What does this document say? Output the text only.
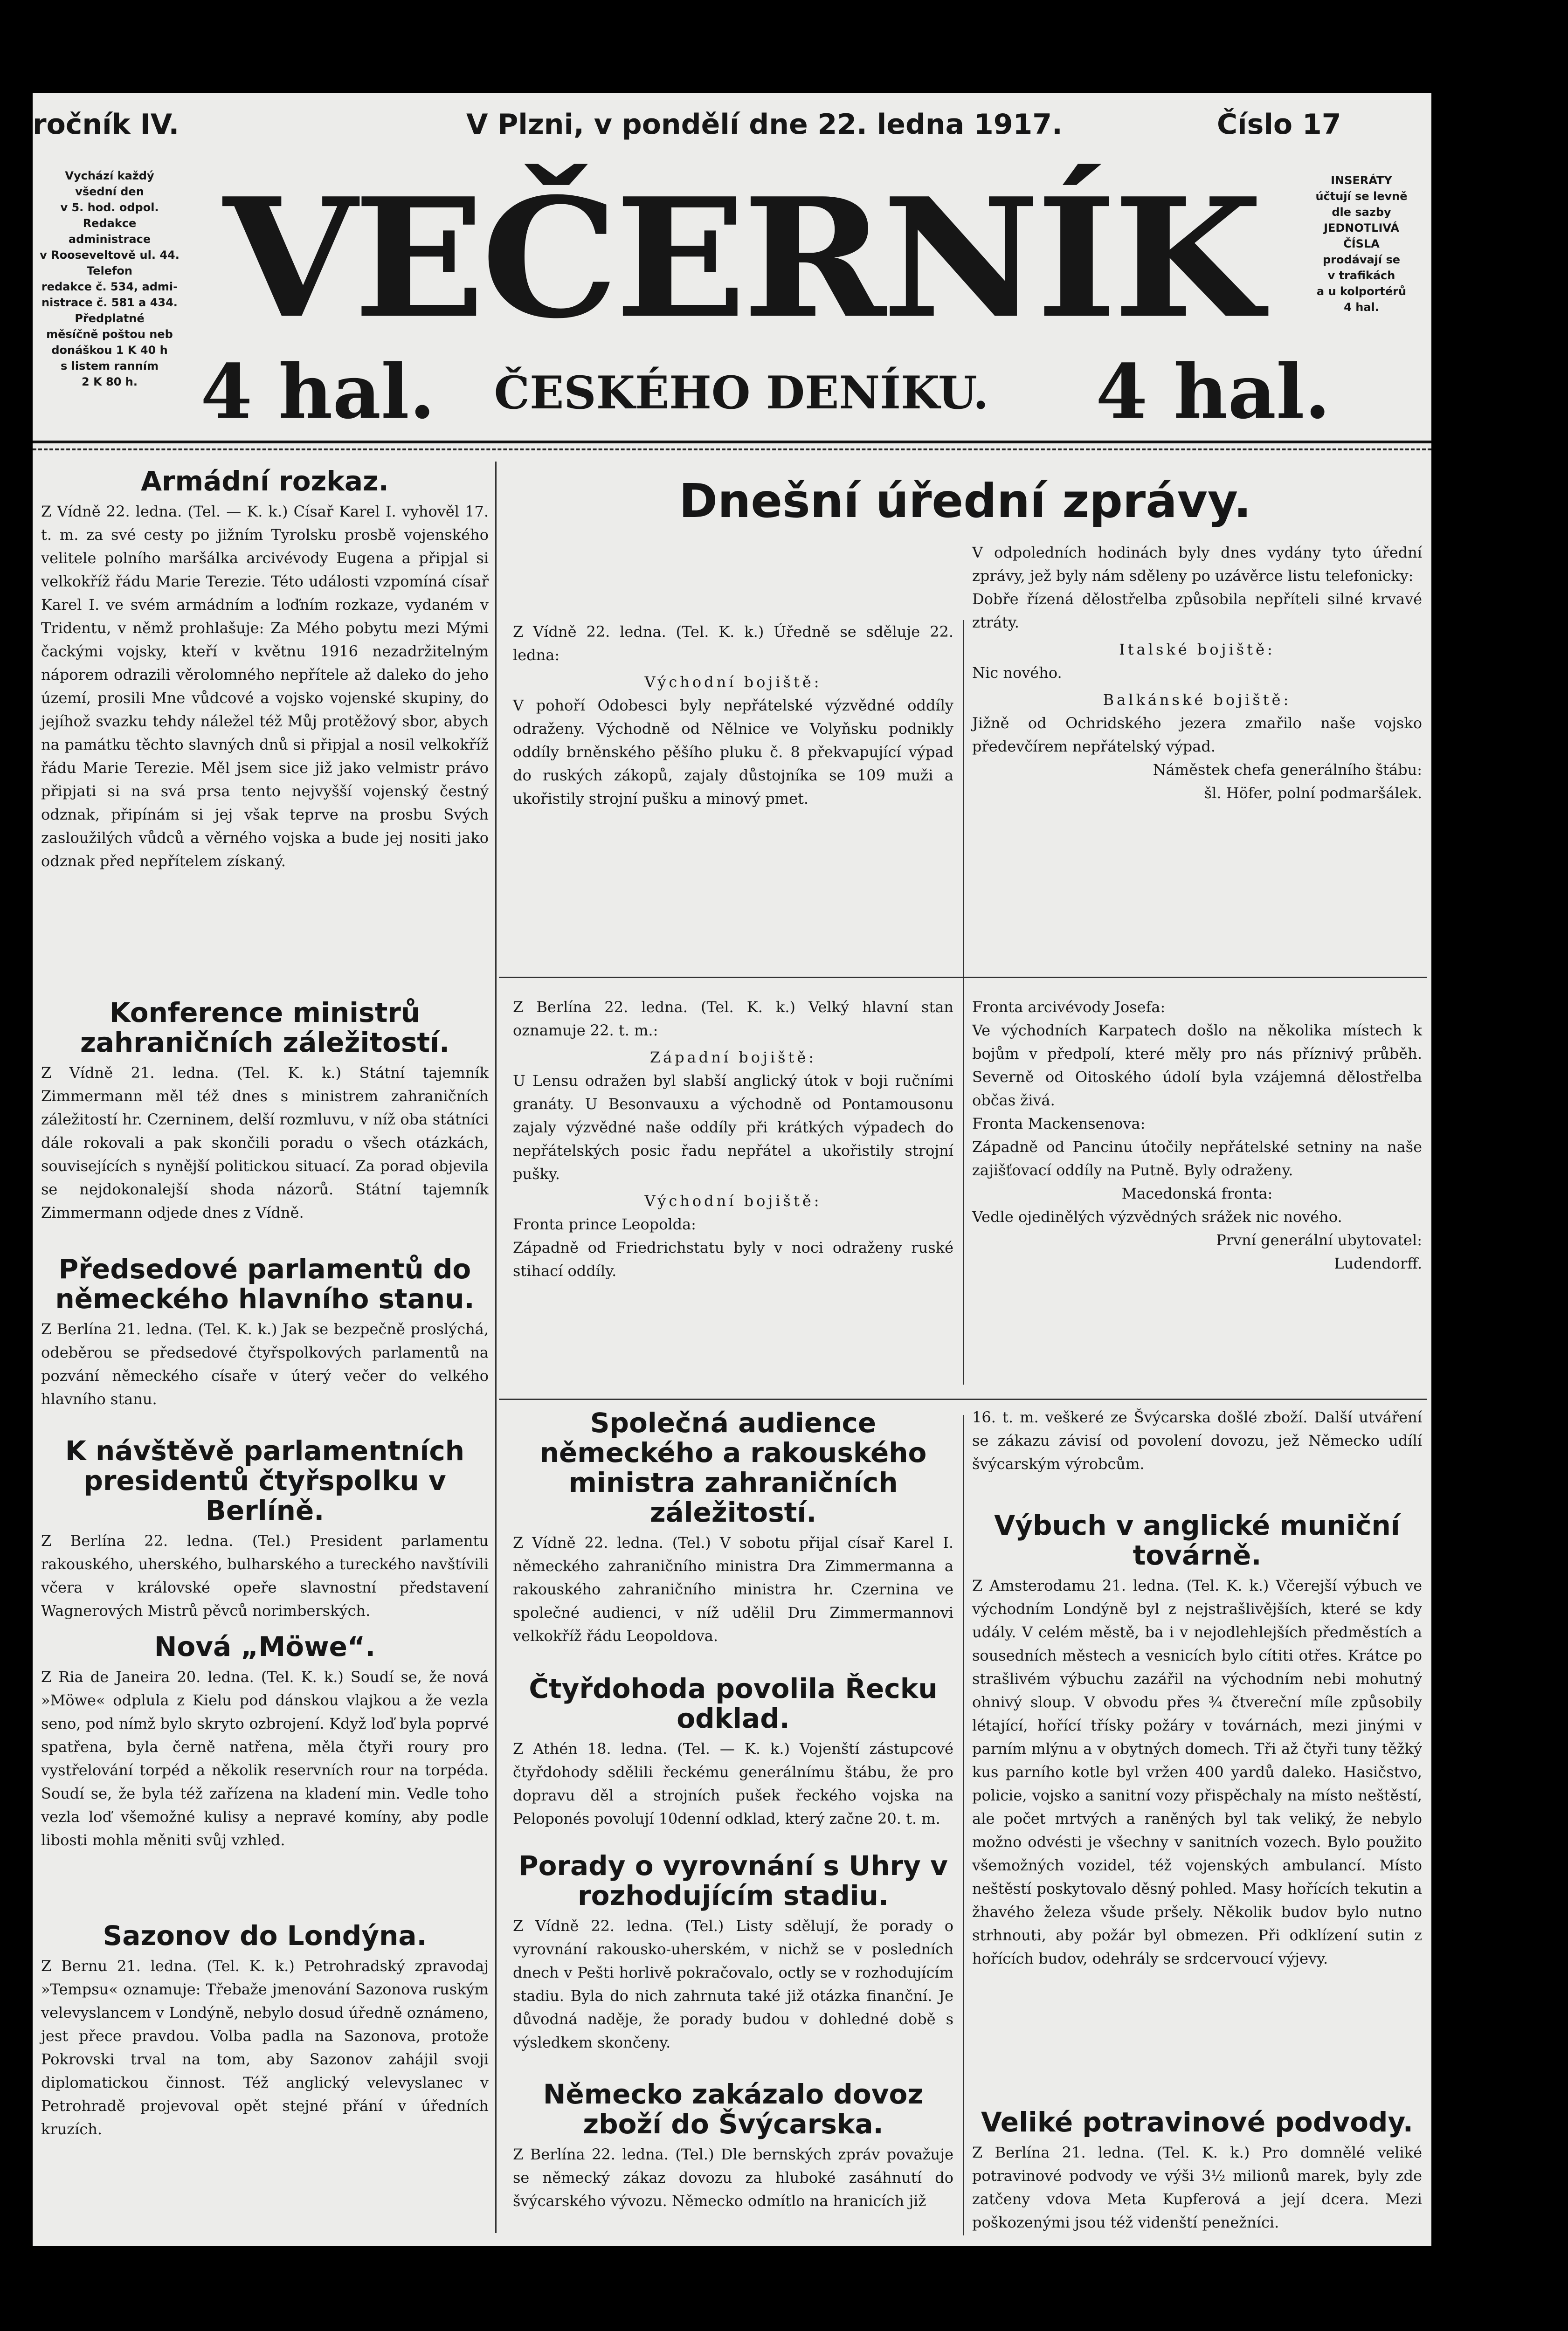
ročník IV.	V Plzni, v pondělí dne 22. ledna 1917.	Číslo 17
Vychází každý
všední den
v 5. hod. odpol.
Redakce
administrace
v Rooseveltově ul. 44.
Telefon
redakce č. 534, admi-
nistrace č. 581 a 434.
Předplatné
měsíčně poštou neb
donáškou 1 K 40 h
s listem ranním
2 K 80 h.
INSERÁTY
účtují se levně
dle sazby
JEDNOTLIVÁ
ČÍSLA
prodávají se
v trafikách
a u kolportérů
4 hal.
VEČERNÍK
4 hal.	ČESKÉHO DENÍKU. 4 hal.
Armádní rozkaz.

Z Vídně 22. ledna. (Tel. — K. k.) Císař Karel I. vyhověl 17. t. m. za své cesty po jižním Tyrolsku prosbě vojenského velitele polního maršálka arcivévody Eugena a připjal si velkokříž řádu Marie Terezie. Této události vzpomíná císař Karel I. ve svém armádním a loďním rozkaze, vydaném v Tridentu, v němž prohlašuje: Za Mého pobytu mezi Mými čackými vojsky, kteří v květnu 1916 nezadržitelným náporem odrazili věrolomného nepřítele až daleko do jeho území, prosili Mne vůdcové a vojsko vojenské skupiny, do jejíhož svazku tehdy náležel též Můj protěžový sbor, abych na památku těchto slavných dnů si připjal a nosil velkokříž řádu Marie Terezie. Měl jsem sice již jako velmistr právo připjati si na svá prsa tento nejvyšší vojenský čestný odznak, připínám si jej však teprve na prosbu Svých zasloužilých vůdců a věrného vojska a bude jej nositi jako odznak před nepřítelem získaný.

Konference ministrů zahraničních záležitostí.

Z Vídně 21. ledna. (Tel. K. k.) Státní tajemník Zimmermann měl též dnes s ministrem zahraničních záležitostí hr. Czerninem, delší rozmluvu, v níž oba státníci dále rokovali a pak skončili poradu o všech otázkách, souvisejících s nynější politickou situací. Za porad objevila se nejdokonalejší shoda názorů. Státní tajemník Zimmermann odjede dnes z Vídně.

Předsedové parlamentů do německého hlavního stanu.

Z Berlína 21. ledna. (Tel. K. k.) Jak se bezpečně proslýchá, odeběrou se předsedové čtyřspolkových parlamentů na pozvání německého císaře v úterý večer do velkého hlavního stanu.

K návštěvě parlamentních presidentů čtyřspolku v Berlíně.

Z Berlína 22. ledna. (Tel.) President parlamentu rakouského, uherského, bulharského a tureckého navštívili včera v královské opeře slavnostní představení Wagnerových Mistrů pěvců norimberských.

Nová „Möwe“.

Z Ria de Janeira 20. ledna. (Tel. K. k.) Soudí se, že nová »Möwe« odplula z Kielu pod dánskou vlajkou a že vezla seno, pod nímž bylo skryto ozbrojení. Když loď byla poprvé spatřena, byla černě natřena, měla čtyři roury pro vystřelování torpéd a několik reservních rour na torpéda. Soudí se, že byla též zařízena na kladení min. Vedle toho vezla loď všemožné kulisy a nepravé komíny, aby podle libosti mohla měniti svůj vzhled.

Sazonov do Londýna.

Z Bernu 21. ledna. (Tel. K. k.) Petrohradský zpravodaj »Tempsu« oznamuje: Třebaže jmenování Sazonova ruským velevyslancem v Londýně, nebylo dosud úředně oznámeno, jest přece pravdou. Volba padla na Sazonova, protože Pokrovski trval na tom, aby Sazonov zahájil svoji diplomatickou činnost. Též anglický velevyslanec v Petrohradě projevoval opět stejné přání v úředních kruzích.

Dnešní úřední zprávy.

Z Vídně 22. ledna. (Tel. K. k.) Úředně se sděluje 22. ledna:

Východní bojiště:

V pohoří Odobesci byly nepřátelské výzvědné oddíly odraženy. Východně od Nělnice ve Volyňsku podnikly oddíly brněnského pěšího pluku č. 8 překvapující výpad do ruských zákopů, zajaly důstojníka se 109 muži a ukořistily strojní pušku a minový pmet.

V odpoledních hodinách byly dnes vydány tyto úřední zprávy, jež byly nám sděleny po uzávěrce listu telefonicky:

Dobře řízená dělostřelba způsobila nepříteli silné krvavé ztráty.

Italské bojiště:

Nic nového.

Balkánské bojiště:

Jižně od Ochridského jezera zmařilo naše vojsko předevčírem nepřátelský výpad.

Náměstek chefa generálního štábu:

šl. Höfer, polní podmaršálek.

Z Berlína 22. ledna. (Tel. K. k.) Velký hlavní stan oznamuje 22. t. m.:

Západní bojiště:

U Lensu odražen byl slabší anglický útok v boji ručními granáty. U Besonvauxu a východně od Pontamousonu zajaly výzvědné naše oddíly při krátkých výpadech do nepřátelských posic řadu nepřátel a ukořistily strojní pušky.

Východní bojiště:

Fronta prince Leopolda:

Západně od Friedrichstatu byly v noci odraženy ruské stihací oddíly.

Fronta arcivévody Josefa:

Ve východních Karpatech došlo na několika místech k bojům v předpolí, které měly pro nás příznivý průběh. Severně od Oitoského údolí byla vzájemná dělostřelba občas živá.

Fronta Mackensenova:

Západně od Pancinu útočily nepřátelské setniny na naše zajišťovací oddíly na Putně. Byly odraženy.

Macedonská fronta:

Vedle ojedinělých výzvědných srážek nic nového.

První generální ubytovatel:

Ludendorff.

Společná audience německého a rakouského ministra zahraničních záležitostí.

Z Vídně 22. ledna. (Tel.) V sobotu přijal císař Karel I. německého zahraničního ministra Dra Zimmermanna a rakouského zahraničního ministra hr. Czernina ve společné audienci, v níž udělil Dru Zimmermannovi velkokříž řádu Leopoldova.

Čtyřdohoda povolila Řecku odklad.

Z Athén 18. ledna. (Tel. — K. k.) Vojenští zástupcové čtyřdohody sdělili řeckému generálnímu štábu, že pro dopravu děl a strojních pušek řeckého vojska na Peloponés povolují 10denní odklad, který začne 20. t. m.

Porady o vyrovnání s Uhry v rozhodujícím stadiu.

Z Vídně 22. ledna. (Tel.) Listy sdělují, že porady o vyrovnání rakousko-uherském, v nichž se v posledních dnech v Pešti horlivě pokračovalo, octly se v rozhodujícím stadiu. Byla do nich zahrnuta také již otázka finanční. Je důvodná naděje, že porady budou v dohledné době s výsledkem skončeny.

Německo zakázalo dovoz zboží do Švýcarska.

Z Berlína 22. ledna. (Tel.) Dle bernských zpráv považuje se německý zákaz dovozu za hluboké zasáhnutí do švýcarského vývozu. Německo odmítlo na hranicích již

16. t. m. veškeré ze Švýcarska došlé zboží. Další utváření se zákazu závisí od povolení dovozu, jež Německo udílí švýcarským výrobcům.

Výbuch v anglické muniční továrně.

Z Amsterodamu 21. ledna. (Tel. K. k.) Včerejší výbuch ve východním Londýně byl z nejstrašlivějších, které se kdy udály. V celém městě, ba i v nejodlehlejších předměstích a sousedních městech a vesnicích bylo cítiti otřes. Krátce po strašlivém výbuchu zazářil na východním nebi mohutný ohnivý sloup. V obvodu přes ¾ čtvereční míle způsobily létající, hořící třísky požáry v továrnách, mezi jinými v parním mlýnu a v obytných domech. Tři až čtyři tuny těžký kus parního kotle byl vržen 400 yardů daleko. Hasičstvo, policie, vojsko a sanitní vozy přispěchaly na místo neštěstí, ale počet mrtvých a raněných byl tak veliký, že nebylo možno odvésti je všechny v sanitních vozech. Bylo použito všemožných vozidel, též vojenských ambulancí. Místo neštěstí poskytovalo děsný pohled. Masy hořících tekutin a žhavého železa všude pršely. Několik budov bylo nutno strhnouti, aby požár byl obmezen. Při odklízení sutin z hořících budov, odehrály se srdcervoucí výjevy.

Veliké potravinové podvody.

Z Berlína 21. ledna. (Tel. K. k.) Pro domnělé veliké potravinové podvody ve výši 3½ milionů marek, byly zde zatčeny vdova Meta Kupferová a její dcera. Mezi poškozenými jsou též videnští penežníci.
